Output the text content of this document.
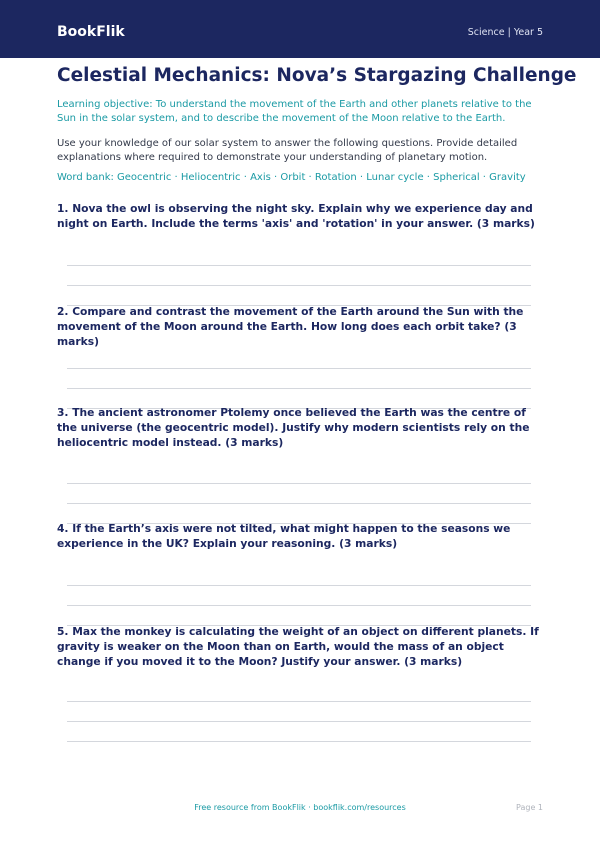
BookFlik	Science | Year 5
Celestial Mechanics: Nova’s Stargazing Challenge
Learning objective: To understand the movement of the Earth and other planets relative to the Sun in the solar system, and to describe the movement of the Moon relative to the Earth.
Use your knowledge of our solar system to answer the following questions. Provide detailed explanations where required to demonstrate your understanding of planetary motion.
Word bank: Geocentric · Heliocentric · Axis · Orbit · Rotation · Lunar cycle · Spherical · Gravity
1. Nova the owl is observing the night sky. Explain why we experience day and night on Earth. Include the terms 'axis' and 'rotation' in your answer. (3 marks)
2. Compare and contrast the movement of the Earth around the Sun with the movement of the Moon around the Earth. How long does each orbit take? (3 marks)
3. The ancient astronomer Ptolemy once believed the Earth was the centre of the universe (the geocentric model). Justify why modern scientists rely on the heliocentric model instead. (3 marks)
4. If the Earth’s axis were not tilted, what might happen to the seasons we experience in the UK? Explain your reasoning. (3 marks)
5. Max the monkey is calculating the weight of an object on different planets. If gravity is weaker on the Moon than on Earth, would the mass of an object change if you moved it to the Moon? Justify your answer. (3 marks)
Free resource from BookFlik · bookflik.com/resources	Page 1
